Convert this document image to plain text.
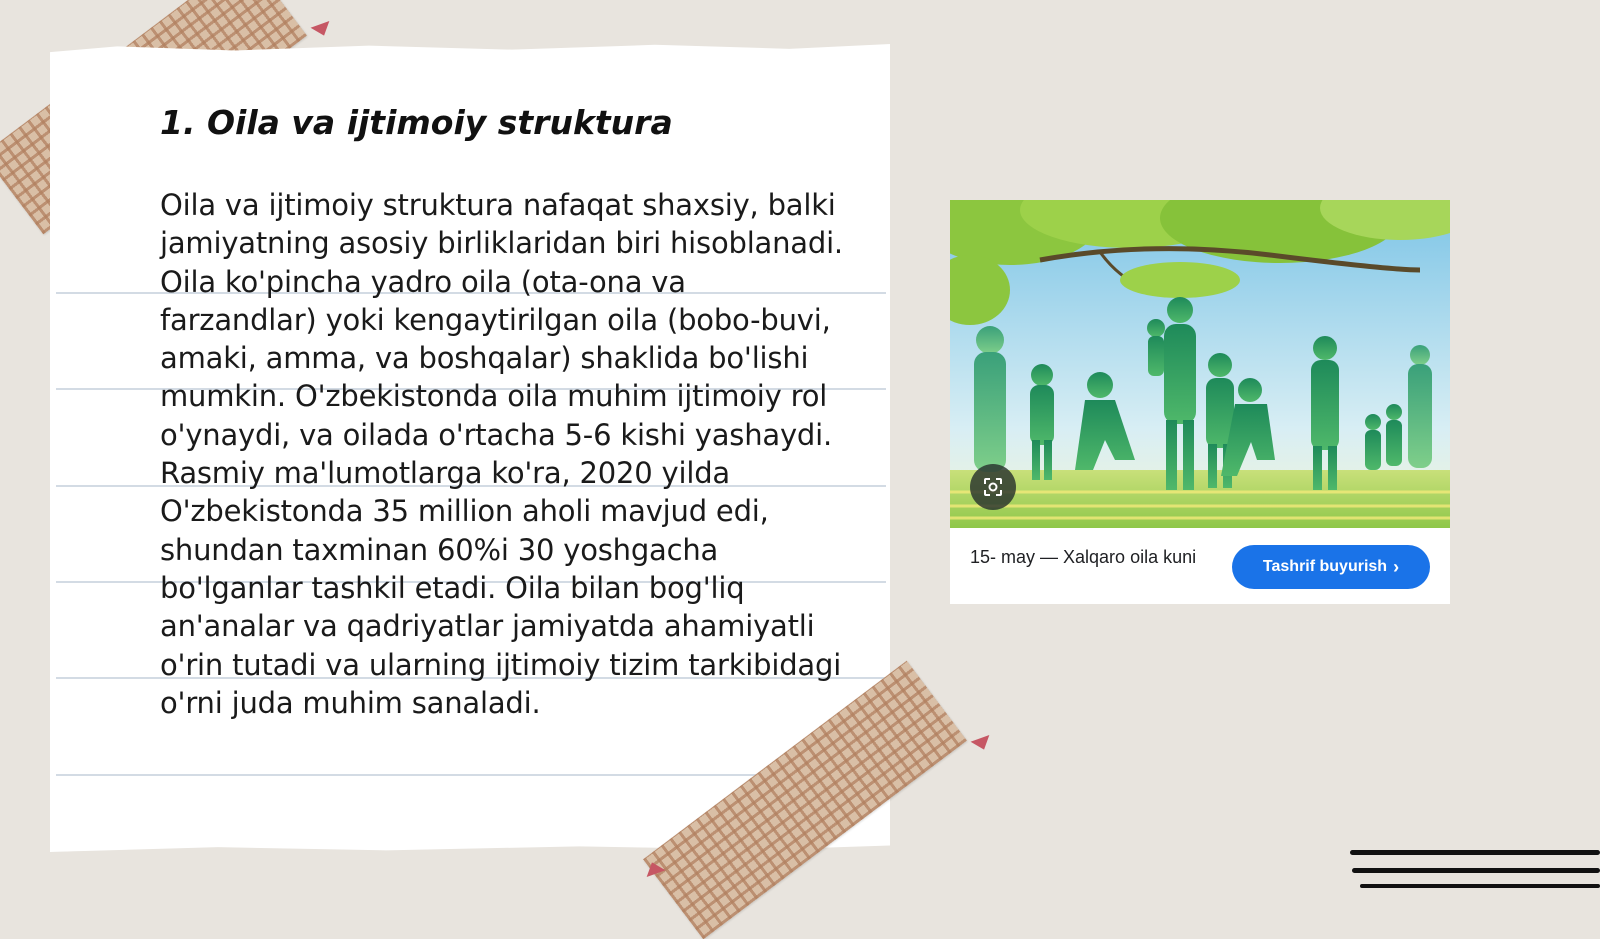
1. Oila va ijtimoiy struktura

Oila va ijtimoiy struktura nafaqat shaxsiy, balki jamiyatning asosiy birliklaridan biri hisoblanadi. Oila ko'pincha yadro oila (ota-ona va farzandlar) yoki kengaytirilgan oila (bobo-buvi, amaki, amma, va boshqalar) shaklida bo'lishi mumkin. O'zbekistonda oila muhim ijtimoiy rol o'ynaydi, va oilada o'rtacha 5-6 kishi yashaydi. Rasmiy ma'lumotlarga ko'ra, 2020 yilda O'zbekistonda 35 million aholi mavjud edi, shundan taxminan 60%i 30 yoshgacha bo'lganlar tashkil etadi. Oila bilan bog'liq an'analar va qadriyatlar jamiyatda ahamiyatli o'rin tutadi va ularning ijtimoiy tizim tarkibidagi o'rni juda muhim sanaladi.

15- may — Xalqaro oila kuni	Tashrif buyurish ›
